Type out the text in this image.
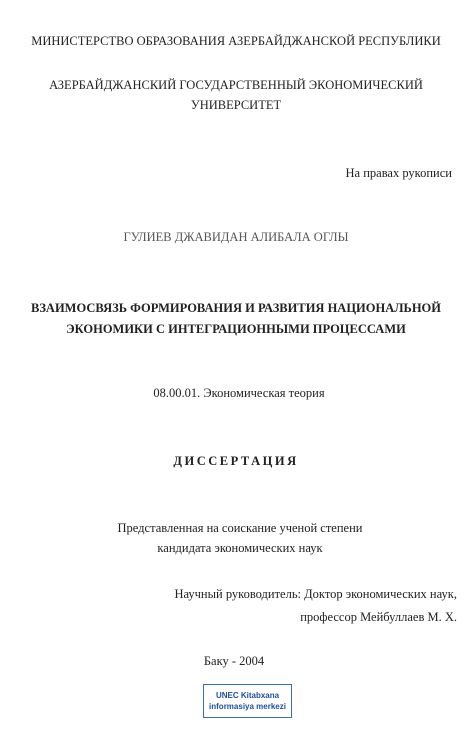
МИНИСТЕРСТВО ОБРАЗОВАНИЯ АЗЕРБАЙДЖАНСКОЙ РЕСПУБЛИКИ
АЗЕРБАЙДЖАНСКИЙ ГОСУДАРСТВЕННЫЙ ЭКОНОМИЧЕСКИЙ
УНИВЕРСИТЕТ
На правах рукописи
ГУЛИЕВ ДЖАВИДАН АЛИБАЛА ОГЛЫ
ВЗАИМОСВЯЗЬ ФОРМИРОВАНИЯ И РАЗВИТИЯ НАЦИОНАЛЬНОЙ
ЭКОНОМИКИ С ИНТЕГРАЦИОННЫМИ ПРОЦЕССАМИ
08.00.01. Экономическая теория
ДИССЕРТАЦИЯ
Представленная на соискание ученой степени
кандидата экономических наук
Научный руководитель: Доктор экономических наук,
профессор Мейбуллаев М. Х.
Баку - 2004
UNEC Kitabxana
informasiya merkezi
